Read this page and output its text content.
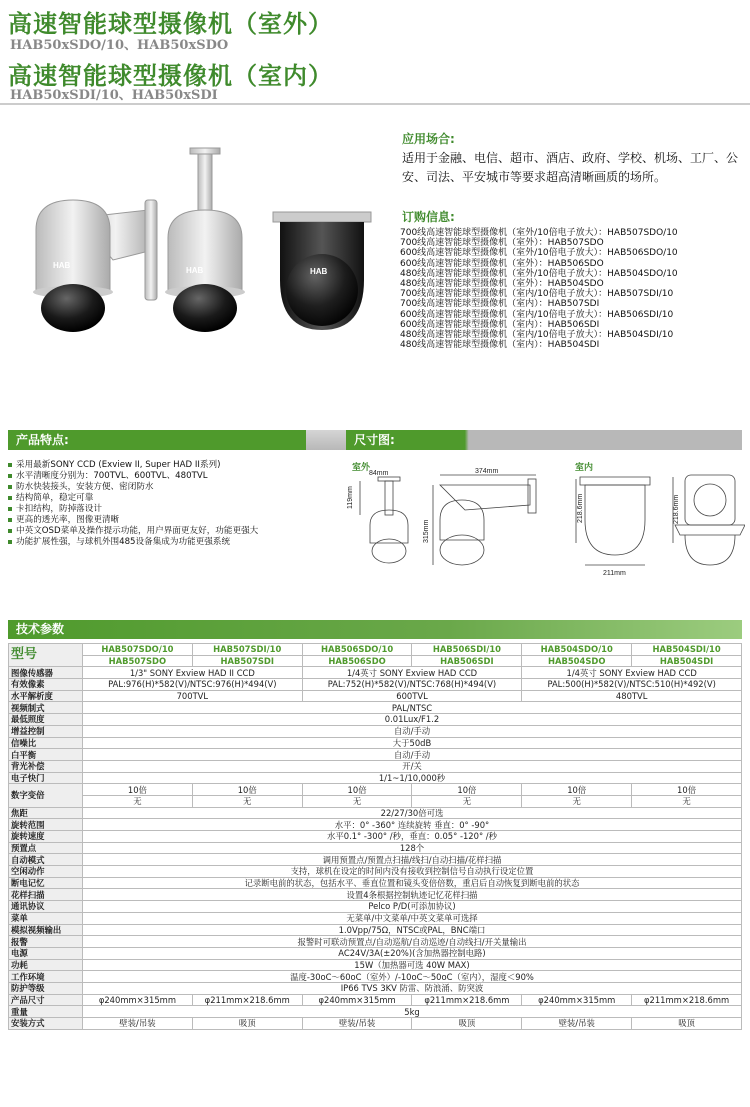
高速智能球型摄像机（室外）
HAB50xSDO/10、HAB50xSDO
高速智能球型摄像机（室内）
HAB50xSDI/10、HAB50xSDI
HAB
HAB	HAB
应用场合:
适用于金融、电信、超市、酒店、政府、学校、机场、工厂、公安、司法、平安城市等要求超高清晰画质的场所。
订购信息:
700线高速智能球型摄像机（室外/10倍电子放大）：HAB507SDO/10
700线高速智能球型摄像机（室外）：HAB507SDO
600线高速智能球型摄像机（室外/10倍电子放大）：HAB506SDO/10
600线高速智能球型摄像机（室外）：HAB506SDO
480线高速智能球型摄像机（室外/10倍电子放大）：HAB504SDO/10
480线高速智能球型摄像机（室外）：HAB504SDO
700线高速智能球型摄像机（室内/10倍电子放大）：HAB507SDI/10
700线高速智能球型摄像机（室内）：HAB507SDI
600线高速智能球型摄像机（室内/10倍电子放大）：HAB506SDI/10
600线高速智能球型摄像机（室内）：HAB506SDI
480线高速智能球型摄像机（室内/10倍电子放大）：HAB504SDI/10
480线高速智能球型摄像机（室内）：HAB504SDI
产品特点:	尺寸图:
采用最新SONY CCD (Exview II, Super HAD II系列)
水平清晰度分别为：700TVL、600TVL、480TVL
防水快装接头，安装方便、密闭防水
结构简单，稳定可靠
卡扣结构，防掉落设计
更高的透光率，图像更清晰
中英文OSD菜单及操作提示功能，用户界面更友好，功能更强大
功能扩展性强，与球机外围485设备集成为功能更强系统
室外	室内
84mm
119mm
374mm
315mm
218.6mm	218.6mm
211mm
技术参数
型号	HAB507SDO/10	HAB507SDI/10	HAB506SDO/10	HAB506SDI/10	HAB504SDO/10	HAB504SDI/10
	HAB507SDO	HAB507SDI	HAB506SDO	HAB506SDI	HAB504SDO	HAB504SDI
图像传感器	1/3" SONY Exview HAD II CCD		1/4英寸 SONY Exview HAD CCD		1/4英寸 SONY Exview HAD CCD	
有效像素	PAL:976(H)*582(V)/NTSC:976(H)*494(V)		PAL:752(H)*582(V)/NTSC:768(H)*494(V)		PAL:500(H)*582(V)/NTSC:510(H)*492(V)	
水平解析度	700TVL		600TVL		480TVL	
视频制式	PAL/NTSC					
最低照度	0.01Lux/F1.2					
增益控制	自动/手动					
信噪比	大于50dB					
白平衡	自动/手动					
背光补偿	开/关					
电子快门	1/1~1/10,000秒					
数字变倍	10倍	10倍	10倍	10倍	10倍	10倍
	无	无	无	无	无	无
焦距	22/27/30倍可选					
旋转范围	水平：0° -360° 连续旋转 垂直：0° -90°					
旋转速度	水平0.1° -300° /秒，垂直：0.05° -120° /秒					
预置点	128个					
自动模式	调用预置点/预置点扫描/线扫/自动扫描/花样扫描					
空闲动作	支持，球机在设定的时间内没有接收到控制信号自动执行设定位置					
断电记忆	记录断电前的状态，包括水平、垂直位置和镜头变倍倍数，重启后自动恢复到断电前的状态					
花样扫描	设置4条根据控制轨迹记忆花样扫描					
通讯协议	Pelco P/D(可添加协议)					
菜单	无菜单/中文菜单/中英文菜单可选择					
模拟视频输出	1.0Vpp/75Ω，NTSC或PAL，BNC端口					
报警	报警时可联动预置点/自动巡航/自动巡迹/自动线扫/开关量输出					
电源	AC24V/3A(±20%)(含加热器控制电路)					
功耗	15W（加热器可选 40W MAX)					
工作环境	温度-30oC～60oC（室外）/-10oC～50oC（室内），湿度＜90%					
防护等级	IP66 TVS 3KV 防雷、防浪涌、防突波					
产品尺寸	φ240mm×315mm	φ211mm×218.6mm	φ240mm×315mm	φ211mm×218.6mm	φ240mm×315mm	φ211mm×218.6mm
重量	5kg					
安装方式	壁装/吊装	吸顶	壁装/吊装	吸顶	壁装/吊装	吸顶
